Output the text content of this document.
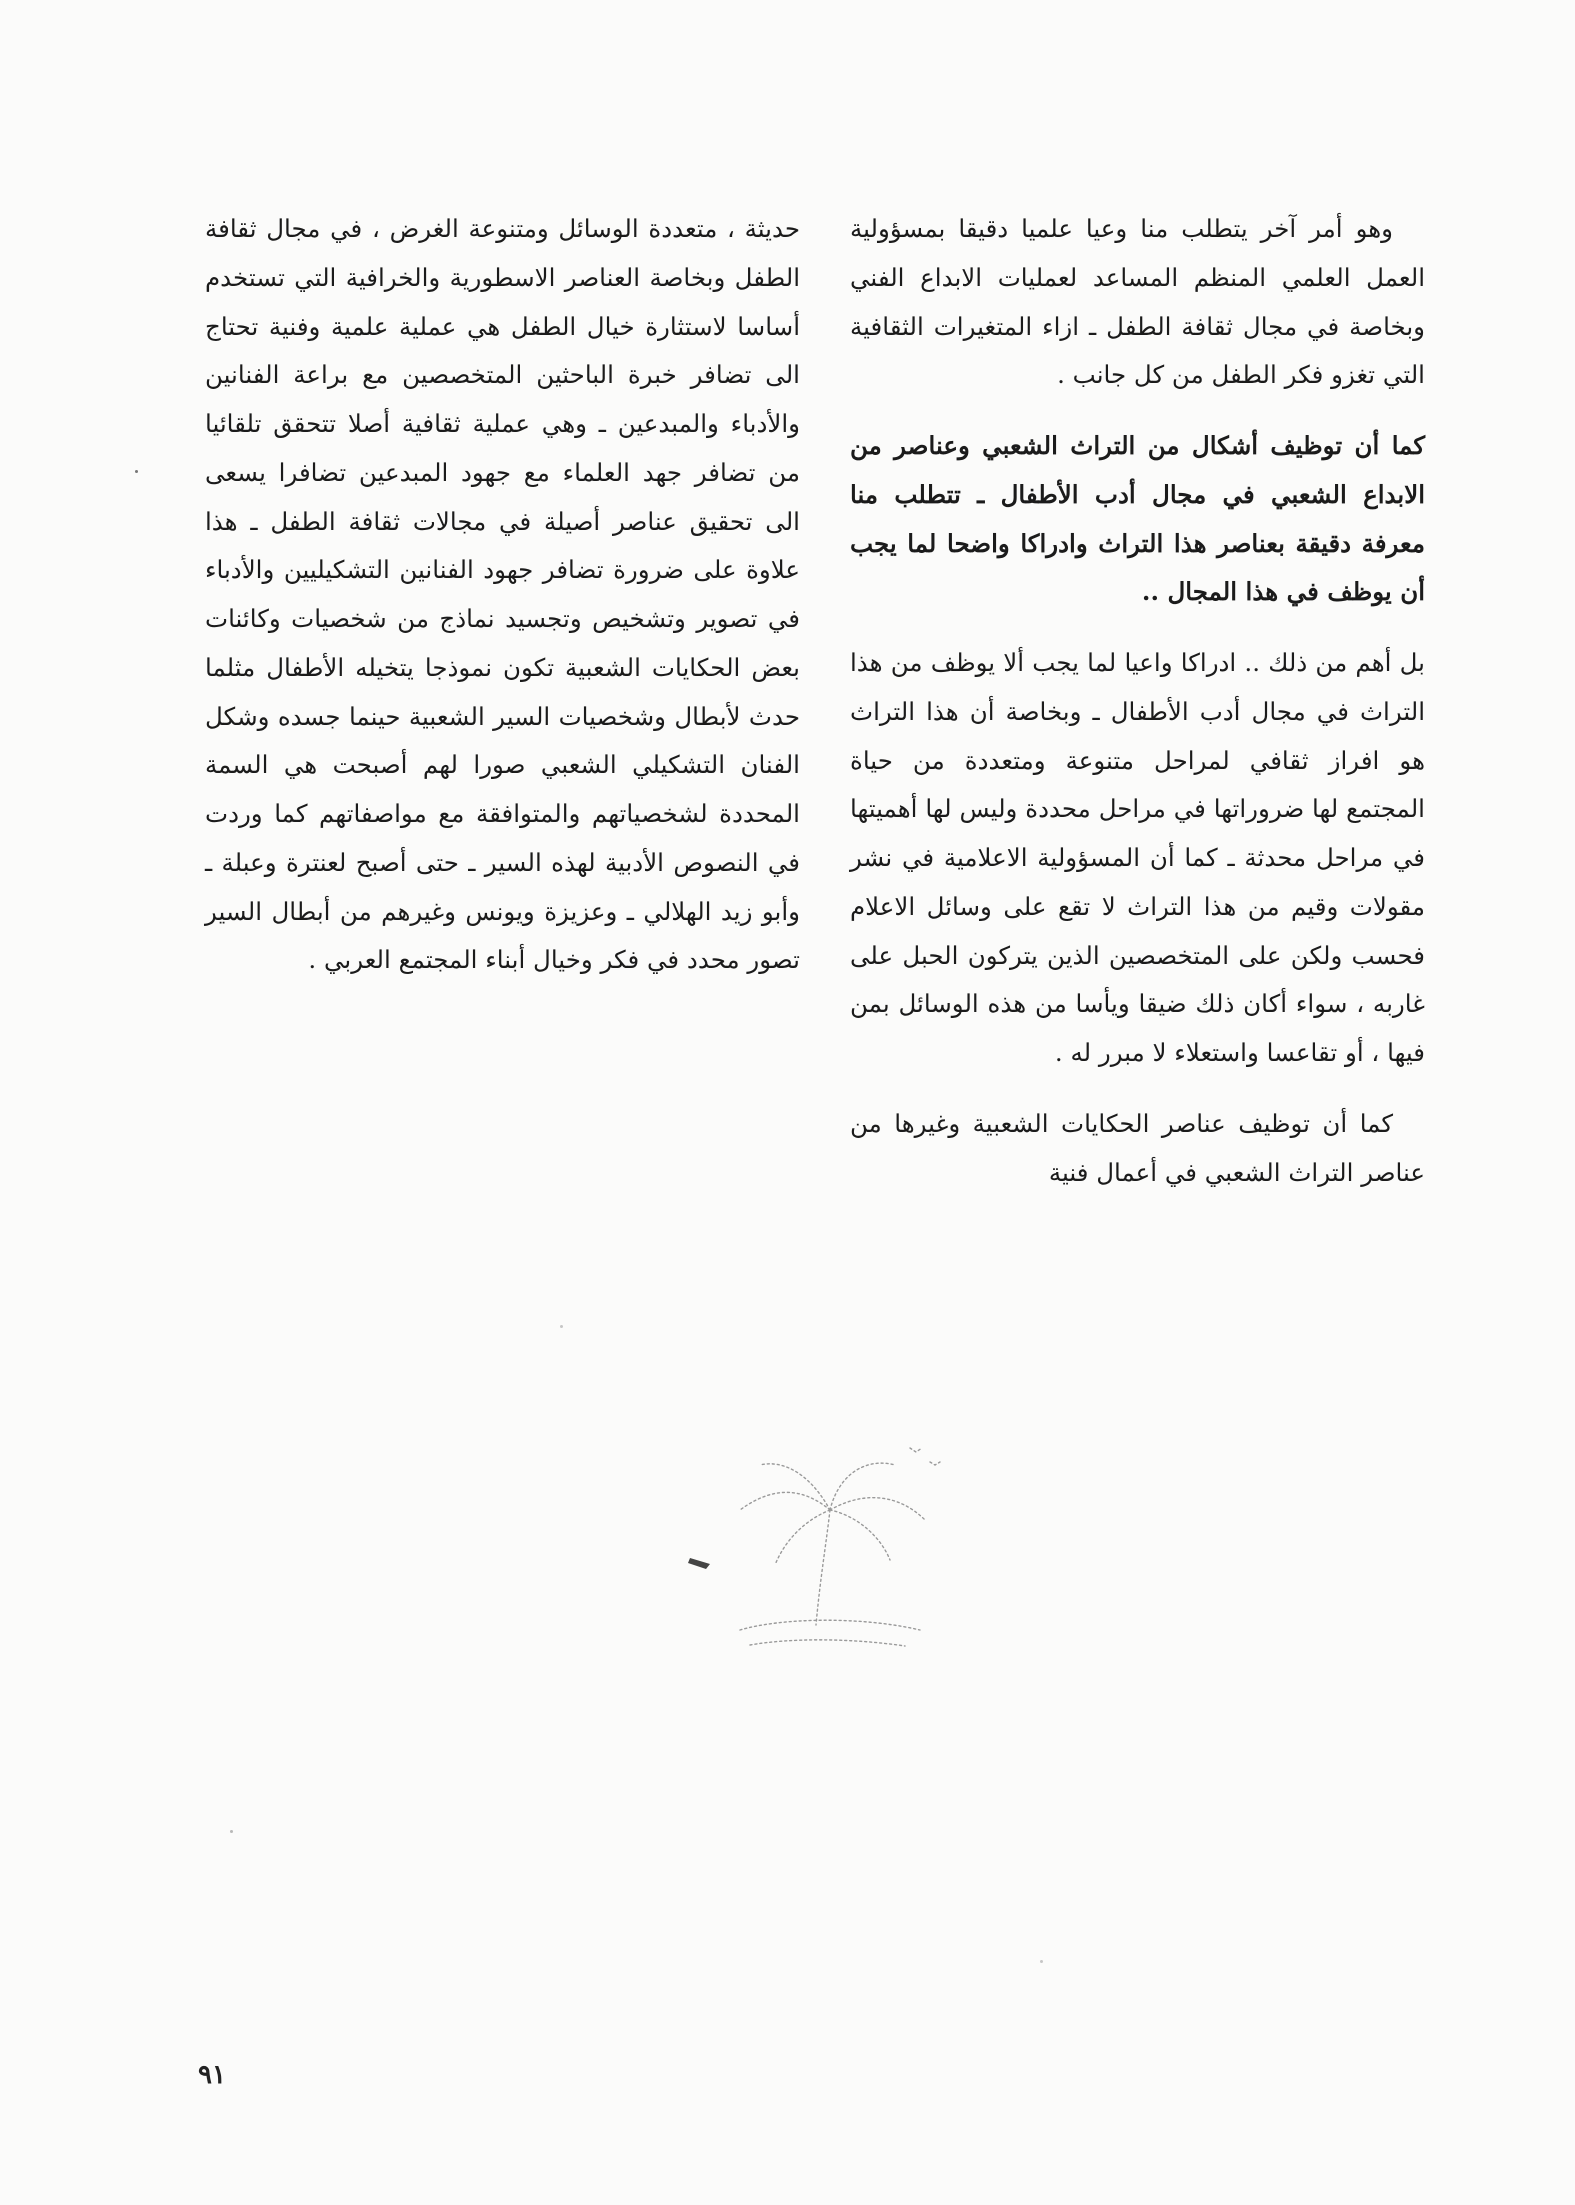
وهو أمر آخر يتطلب منا وعيا علميا دقيقا بمسؤولية العمل العلمي المنظم المساعد لعمليات الابداع الفني وبخاصة في مجال ثقافة الطفل ـ ازاء المتغيرات الثقافية التي تغزو فكر الطفل من كل جانب .

كما أن توظيف أشكال من التراث الشعبي وعناصر من الابداع الشعبي في مجال أدب الأطفال ـ تتطلب منا معرفة دقيقة بعناصر هذا التراث وادراكا واضحا لما يجب أن يوظف في هذا المجال ..

بل أهم من ذلك .. ادراكا واعيا لما يجب ألا يوظف من هذا التراث في مجال أدب الأطفال ـ وبخاصة أن هذا التراث هو افراز ثقافي لمراحل متنوعة ومتعددة من حياة المجتمع لها ضروراتها في مراحل محددة وليس لها أهميتها في مراحل محدثة ـ كما أن المسؤولية الاعلامية في نشر مقولات وقيم من هذا التراث لا تقع على وسائل الاعلام فحسب ولكن على المتخصصين الذين يتركون الحبل على غاربه ، سواء أكان ذلك ضيقا ويأسا من هذه الوسائل بمن فيها ، أو تقاعسا واستعلاء لا مبرر له .

كما أن توظيف عناصر الحكايات الشعبية وغيرها من عناصر التراث الشعبي في أعمال فنية

حديثة ، متعددة الوسائل ومتنوعة الغرض ، في مجال ثقافة الطفل وبخاصة العناصر الاسطورية والخرافية التي تستخدم أساسا لاستثارة خيال الطفل هي عملية علمية وفنية تحتاج الى تضافر خبرة الباحثين المتخصصين مع براعة الفنانين والأدباء والمبدعين ـ وهي عملية ثقافية أصلا تتحقق تلقائيا من تضافر جهد العلماء مع جهود المبدعين تضافرا يسعى الى تحقيق عناصر أصيلة في مجالات ثقافة الطفل ـ هذا علاوة على ضرورة تضافر جهود الفنانين التشكيليين والأدباء في تصوير وتشخيص وتجسيد نماذج من شخصيات وكائنات بعض الحكايات الشعبية تكون نموذجا يتخيله الأطفال مثلما حدث لأبطال وشخصيات السير الشعبية حينما جسده وشكل الفنان التشكيلي الشعبي صورا لهم أصبحت هي السمة المحددة لشخصياتهم والمتوافقة مع مواصفاتهم كما وردت في النصوص الأدبية لهذه السير ـ حتى أصبح لعنترة وعبلة ـ وأبو زيد الهلالي ـ وعزيزة ويونس وغيرهم من أبطال السير تصور محدد في فكر وخيال أبناء المجتمع العربي .

٩١
